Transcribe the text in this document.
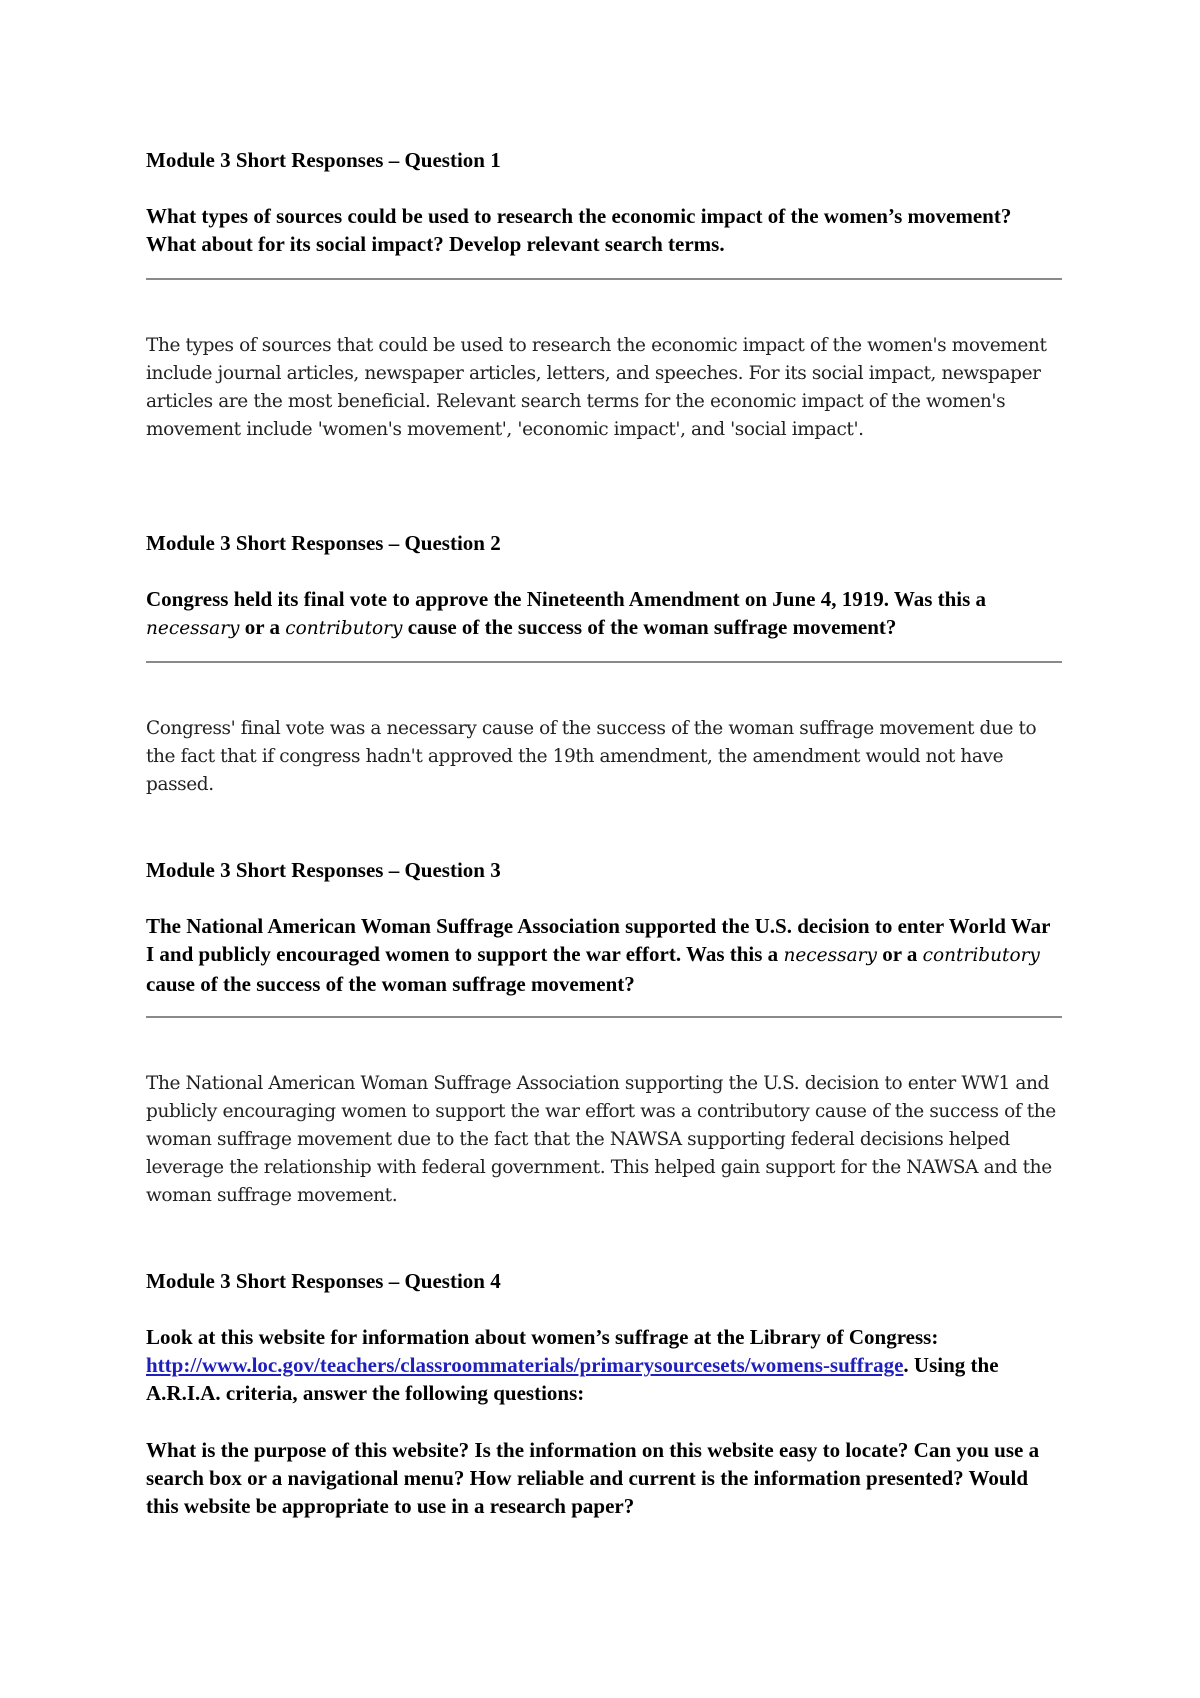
Module 3 Short Responses – Question 1

What types of sources could be used to research the economic impact of the women’s movement? What about for its social impact? Develop relevant search terms.

The types of sources that could be used to research the economic impact of the women's movement include journal articles, newspaper articles, letters, and speeches. For its social impact, newspaper articles are the most beneficial. Relevant search terms for the economic impact of the women's movement include 'women's movement', 'economic impact', and 'social impact'.

Module 3 Short Responses – Question 2

Congress held its final vote to approve the Nineteenth Amendment on June 4, 1919. Was this a necessary or a contributory cause of the success of the woman suffrage movement?

Congress' final vote was a necessary cause of the success of the woman suffrage movement due to the fact that if congress hadn't approved the 19th amendment, the amendment would not have passed.

Module 3 Short Responses – Question 3

The National American Woman Suffrage Association supported the U.S. decision to enter World War I and publicly encouraged women to support the war effort. Was this a necessary or a contributory cause of the success of the woman suffrage movement?

The National American Woman Suffrage Association supporting the U.S. decision to enter WW1 and publicly encouraging women to support the war effort was a contributory cause of the success of the woman suffrage movement due to the fact that the NAWSA supporting federal decisions helped leverage the relationship with federal government. This helped gain support for the NAWSA and the woman suffrage movement.

Module 3 Short Responses – Question 4

Look at this website for information about women’s suffrage at the Library of Congress: http://www.loc.gov/teachers/classroommaterials/primarysourcesets/womens-suffrage. Using the A.R.I.A. criteria, answer the following questions:

What is the purpose of this website? Is the information on this website easy to locate? Can you use a search box or a navigational menu? How reliable and current is the information presented? Would this website be appropriate to use in a research paper?
